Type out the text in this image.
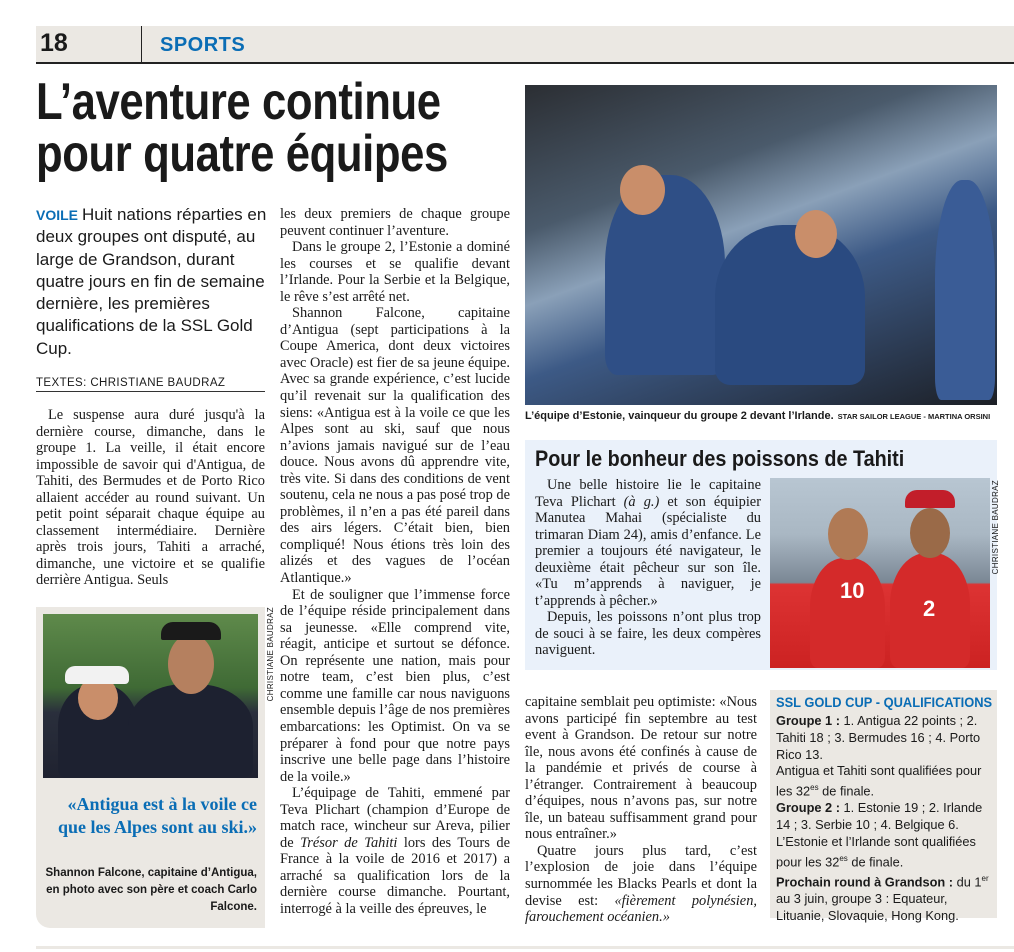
18	SPORTS
L’aventure continue
pour quatre équipes
VOILE Huit nations réparties en deux groupes ont disputé, au large de Grandson, durant quatre jours en fin de semaine dernière, les premières qualifications de la SSL Gold Cup.
TEXTES: CHRISTIANE BAUDRAZ

Le suspense aura duré jusqu'à la dernière course, dimanche, dans le groupe 1. La veille, il était encore impossible de savoir qui d'Antigua, de Tahiti, des Bermudes et de Porto Rico allaient accéder au round suivant. Un petit point séparait chaque équipe au classement intermédiaire. Dernière après trois jours, Tahiti a arraché, dimanche, une victoire et se qualifie derrière Antigua. Seuls

«Antigua est à la voile ce que les Alpes sont au ski.»
Shannon Falcone, capitaine d’Antigua, en photo avec son père et coach Carlo Falcone.
CHRISTIANE BAUDRAZ

les deux premiers de chaque groupe peuvent continuer l’aventure.

Dans le groupe 2, l’Estonie a dominé les courses et se qualifie devant l’Irlande. Pour la Serbie et la Belgique, le rêve s’est arrêté net.

Shannon Falcone, capitaine d’Antigua (sept participations à la Coupe America, dont deux victoires avec Oracle) est fier de sa jeune équipe. Avec sa grande expérience, c’est lucide qu’il revenait sur la qualification des siens: «Antigua est à la voile ce que les Alpes sont au ski, sauf que nous n’avions jamais navigué sur de l’eau douce. Nous avons dû apprendre vite, très vite. Si dans des conditions de vent soutenu, cela ne nous a pas posé trop de problèmes, il n’en a pas été pareil dans des airs légers. C’était bien, bien compliqué! Nous étions très loin des alizés et des vagues de l’océan Atlantique.»

Et de souligner que l’immense force de l’équipe réside principalement dans sa jeunesse. «Elle comprend vite, réagit, anticipe et surtout se défonce. On représente une nation, mais pour notre team, c’est bien plus, c’est comme une famille car nous naviguons ensemble depuis l’âge de nos premières embarcations: les Optimist. On va se préparer à fond pour que notre pays inscrive une belle page dans l’histoire de la voile.»

L’équipage de Tahiti, emmené par Teva Plichart (champion d’Europe de match race, wincheur sur Areva, pilier de Trésor de Tahiti lors des Tours de France à la voile de 2016 et 2017) a arraché sa qualification lors de la dernière course dimanche. Pourtant, interrogé à la veille des épreuves, le

L’équipe d’Estonie, vainqueur du groupe 2 devant l’Irlande. STAR SAILOR LEAGUE - MARTINA ORSINI
Pour le bonheur des poissons de Tahiti

Une belle histoire lie le capitaine Teva Plichart (à g.) et son équipier Manutea Mahai (spécialiste du trimaran Diam 24), amis d’enfance. Le premier a toujours été navigateur, le deuxième était pêcheur sur son île. «Tu m’apprends à naviguer, je t’apprends à pêcher.»

Depuis, les poissons n’ont plus trop de souci à se faire, les deux compères naviguent.

10
2
CHRISTIANE BAUDRAZ

capitaine semblait peu optimiste: «Nous avons participé fin septembre au test event à Grandson. De retour sur notre île, nous avons été confinés à cause de la pandémie et privés de course à l’étranger. Contrairement à beaucoup d’équipes, nous n’avons pas, sur notre île, un bateau suffisamment grand pour nous entraîner.»

Quatre jours plus tard, c’est l’explosion de joie dans l’équipe surnommée les Blacks Pearls et dont la devise est: «fièrement polynésien, farouchement océanien.»

SSL GOLD CUP - QUALIFICATIONS
Groupe 1 : 1. Antigua 22 points ; 2. Tahiti 18 ; 3. Bermudes 16 ; 4. Porto Rico 13.
Antigua et Tahiti sont qualifiées pour les $32^{es}$ de finale.
Groupe 2 : 1. Estonie 19 ; 2. Irlande 14 ; 3. Serbie 10 ; 4. Belgique 6.
L’Estonie et l’Irlande sont qualifiées pour les $32^{es}$ de finale.
Prochain round à Grandson : du 1er au 3 juin, groupe 3 : Equateur, Lituanie, Slovaquie, Hong Kong.
